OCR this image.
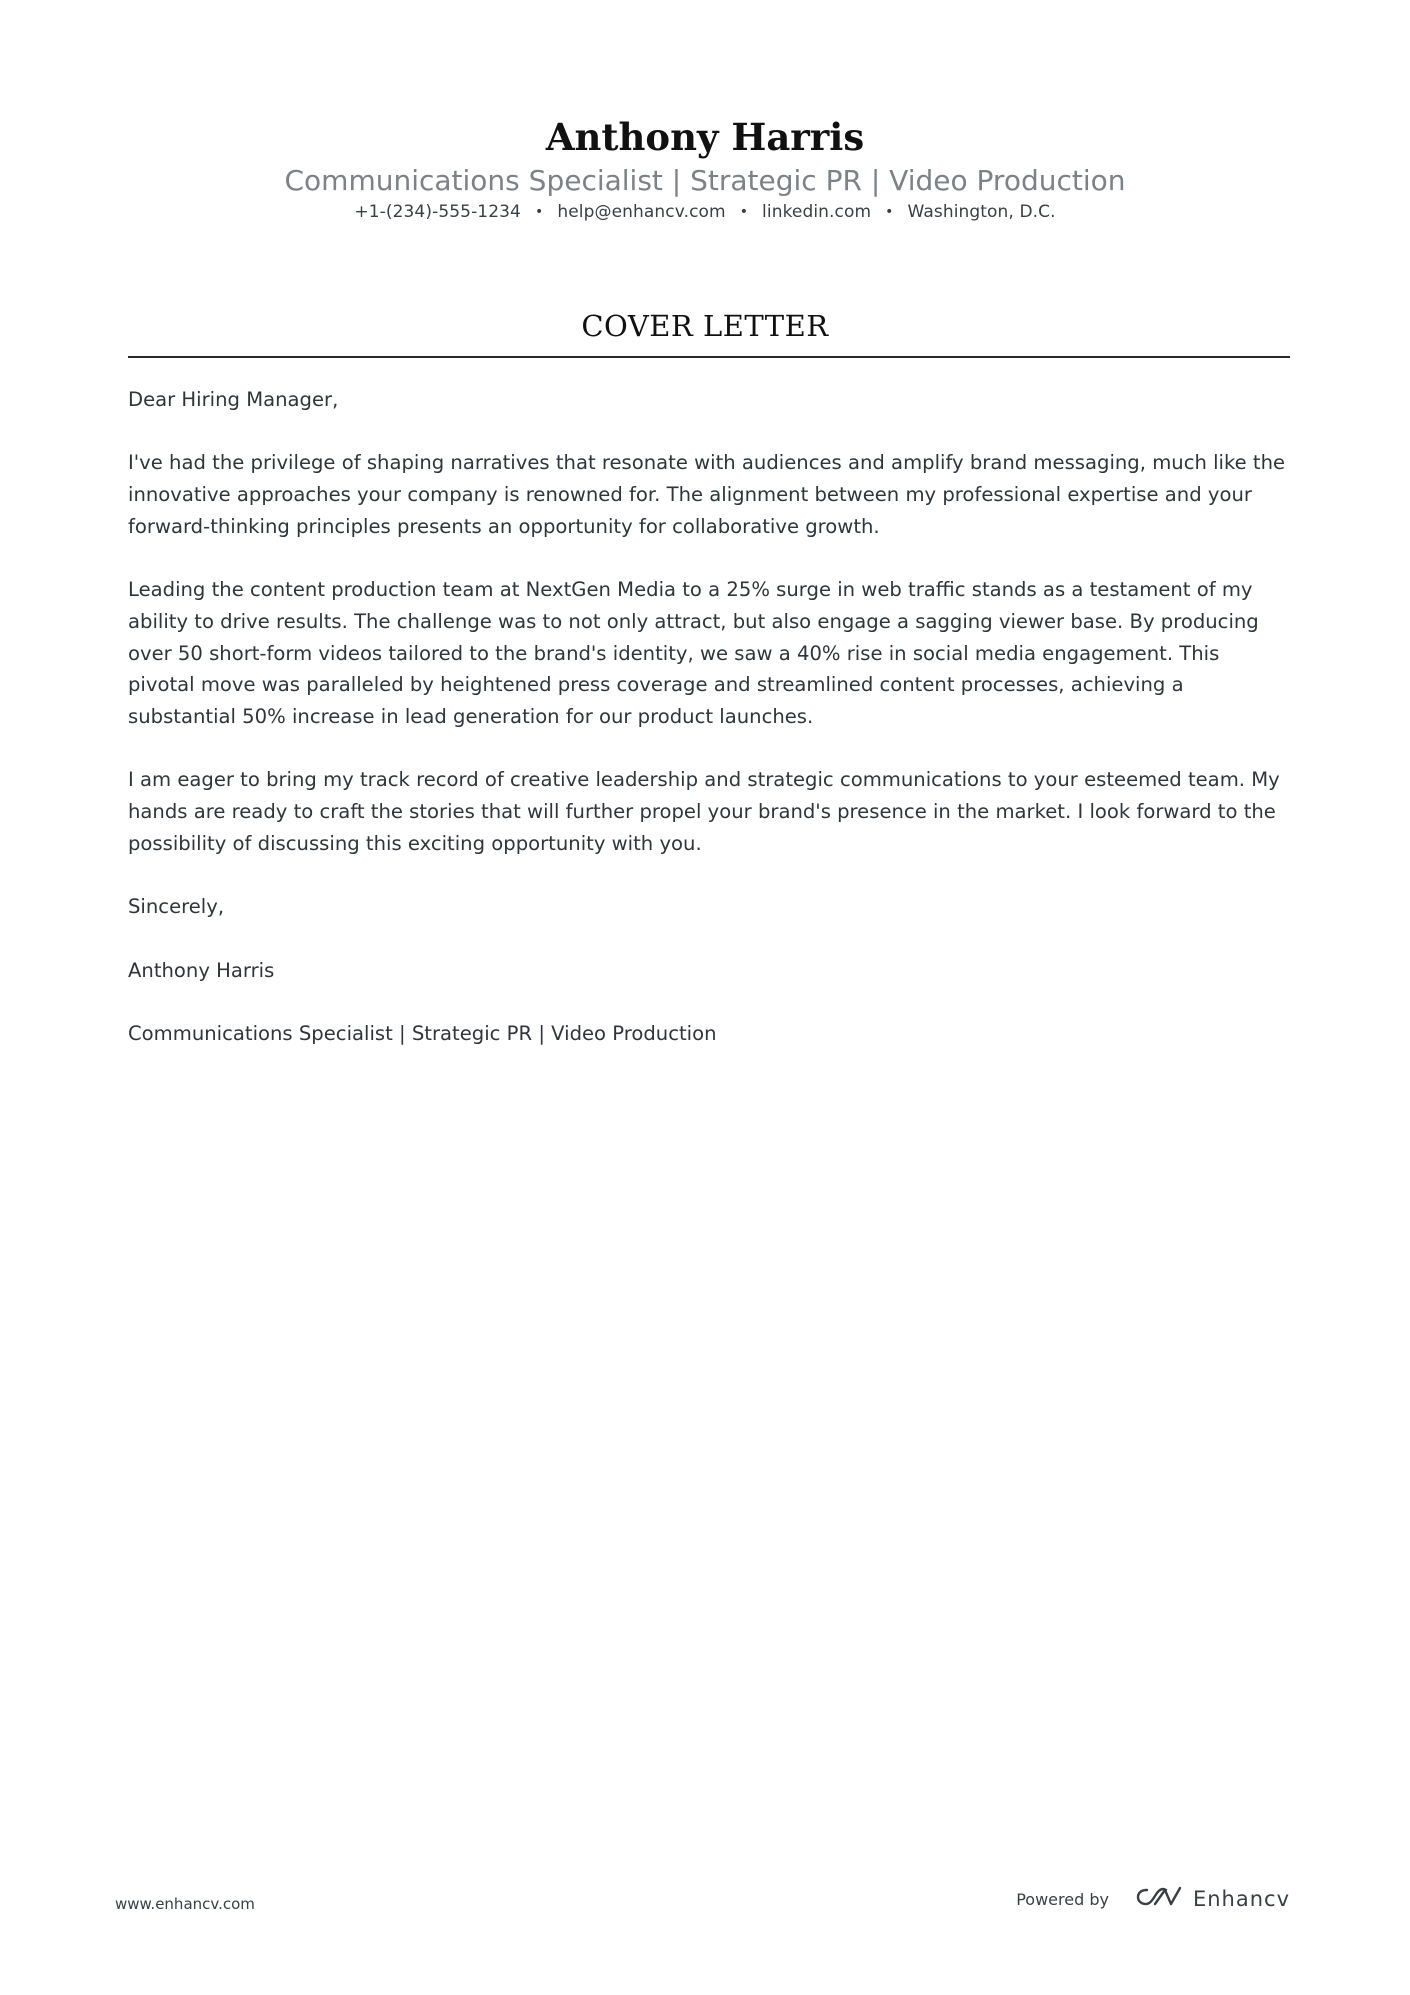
Anthony Harris
Communications Specialist | Strategic PR | Video Production
+1-(234)-555-1234 • help@enhancv.com • linkedin.com • Washington, D.C.
COVER LETTER

Dear Hiring Manager,

I've had the privilege of shaping narratives that resonate with audiences and amplify brand messaging, much like the innovative approaches your company is renowned for. The alignment between my professional expertise and your forward-thinking principles presents an opportunity for collaborative growth.

Leading the content production team at NextGen Media to a 25% surge in web traffic stands as a testament of my ability to drive results. The challenge was to not only attract, but also engage a sagging viewer base. By producing over 50 short-form videos tailored to the brand's identity, we saw a 40% rise in social media engagement. This pivotal move was paralleled by heightened press coverage and streamlined content processes, achieving a substantial 50% increase in lead generation for our product launches.

I am eager to bring my track record of creative leadership and strategic communications to your esteemed team. My hands are ready to craft the stories that will further propel your brand's presence in the market. I look forward to the possibility of discussing this exciting opportunity with you.

Sincerely,

Anthony Harris

Communications Specialist | Strategic PR | Video Production

www.enhancv.com	Powered by	Enhancv
